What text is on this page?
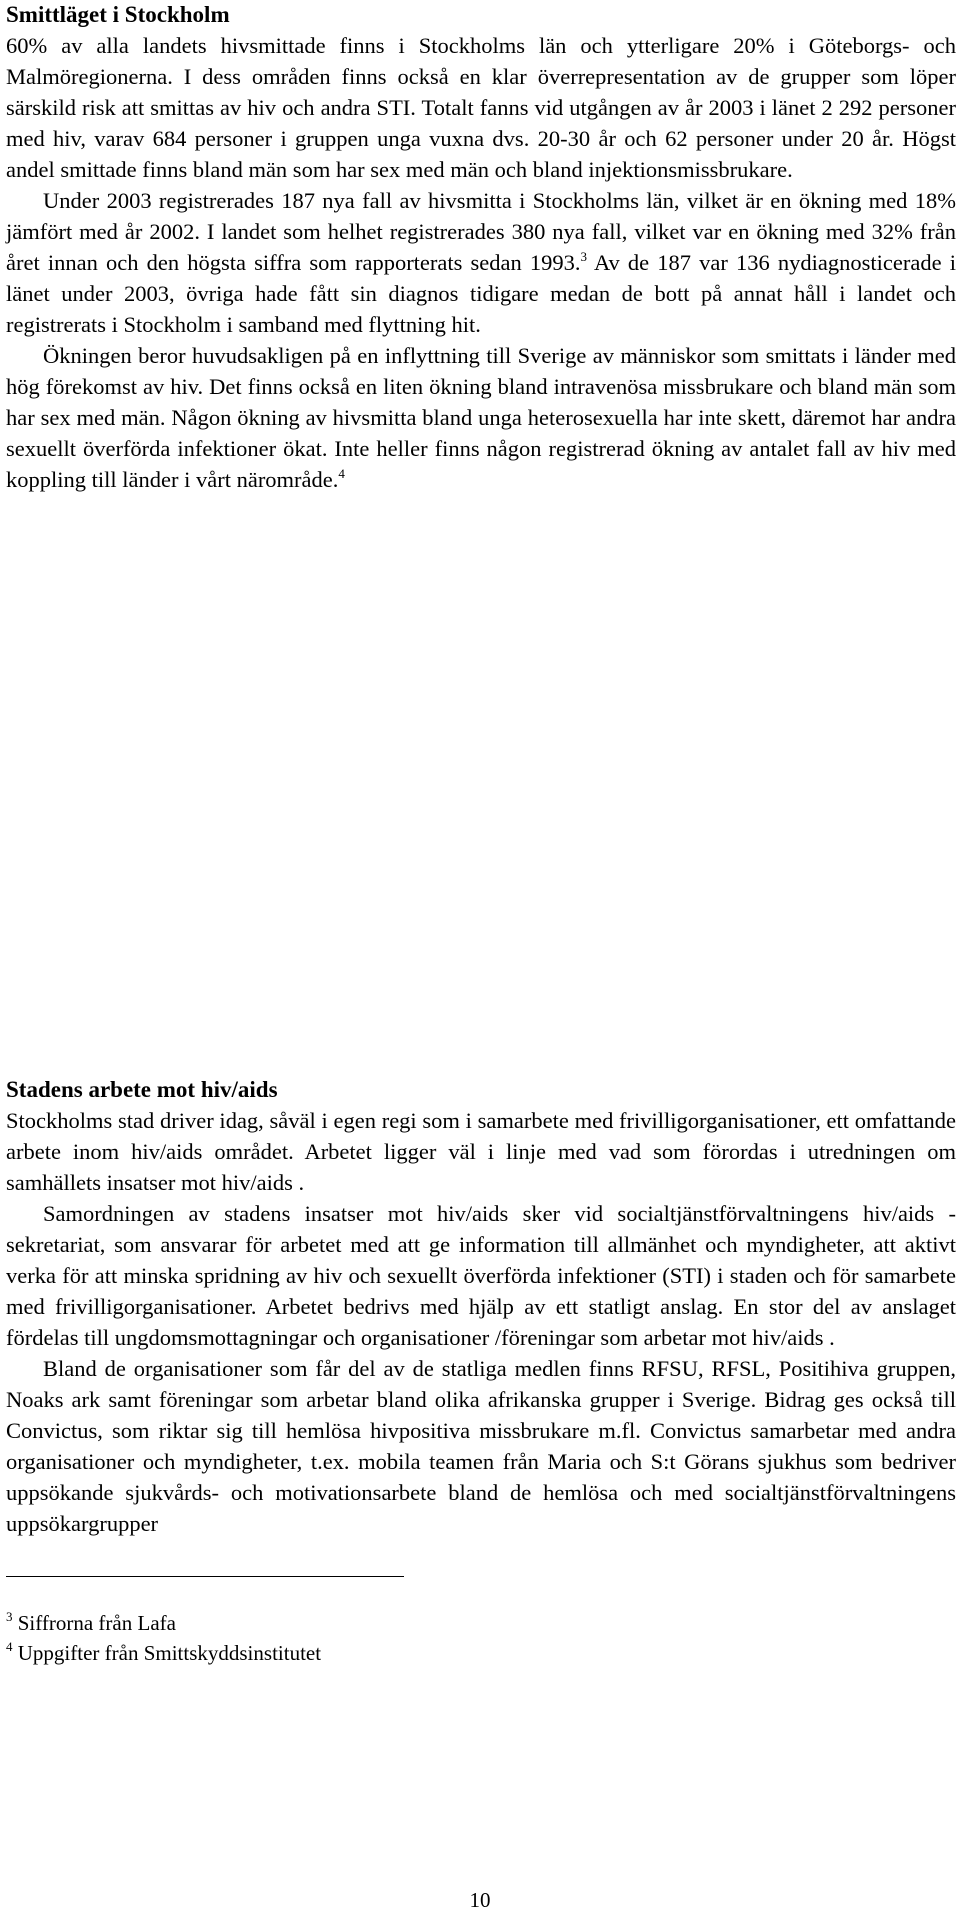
Smittläget i Stockholm

60% av alla landets hivsmittade finns i Stockholms län och ytterligare 20% i Göteborgs- och Malmöregionerna. I dess områden finns också en klar överrepresentation av de grupper som löper särskild risk att smittas av hiv och andra STI. Totalt fanns vid utgången av år 2003 i länet 2 292 personer med hiv, varav 684 personer i gruppen unga vuxna dvs. 20-30 år och 62 personer under 20 år. Högst andel smittade finns bland män som har sex med män och bland injektionsmissbrukare.

Under 2003 registrerades 187 nya fall av hivsmitta i Stockholms län, vilket är en ökning med 18% jämfört med år 2002. I landet som helhet registrerades 380 nya fall, vilket var en ökning med 32% från året innan och den högsta siffra som rapporterats sedan 1993.$^3$ Av de 187 var 136 nydiagnosticerade i länet under 2003, övriga hade fått sin diagnos tidigare medan de bott på annat håll i landet och registrerats i Stockholm i samband med flyttning hit.

Ökningen beror huvudsakligen på en inflyttning till Sverige av människor som smittats i länder med hög förekomst av hiv. Det finns också en liten ökning bland intravenösa missbrukare och bland män som har sex med män. Någon ökning av hivsmitta bland unga heterosexuella har inte skett, däremot har andra sexuellt överförda infektioner ökat. Inte heller finns någon registrerad ökning av antalet fall av hiv med koppling till länder i vårt närområde.$^4$

Stadens arbete mot hiv/aids

Stockholms stad driver idag, såväl i egen regi som i samarbete med frivilligorganisationer, ett omfattande arbete inom hiv/aids området. Arbetet ligger väl i linje med vad som förordas i utredningen om samhällets insatser mot hiv/aids .

Samordningen av stadens insatser mot hiv/aids sker vid socialtjänstförvaltningens hiv/aids -sekretariat, som ansvarar för arbetet med att ge information till allmänhet och myndigheter, att aktivt verka för att minska spridning av hiv och sexuellt överförda infektioner (STI) i staden och för samarbete med frivilligorganisationer. Arbetet bedrivs med hjälp av ett statligt anslag. En stor del av anslaget fördelas till ungdomsmottagningar och organisationer /föreningar som arbetar mot hiv/aids .

Bland de organisationer som får del av de statliga medlen finns RFSU, RFSL, Positihiva gruppen, Noaks ark samt föreningar som arbetar bland olika afrikanska grupper i Sverige. Bidrag ges också till Convictus, som riktar sig till hemlösa hivpositiva missbrukare m.fl. Convictus samarbetar med andra organisationer och myndigheter, t.ex. mobila teamen från Maria och S:t Görans sjukhus som bedriver uppsökande sjukvårds- och motivationsarbete bland de hemlösa och med socialtjänstförvaltningens uppsökargrupper

$^3$ Siffrorna från Lafa

$^4$ Uppgifter från Smittskyddsinstitutet

10
